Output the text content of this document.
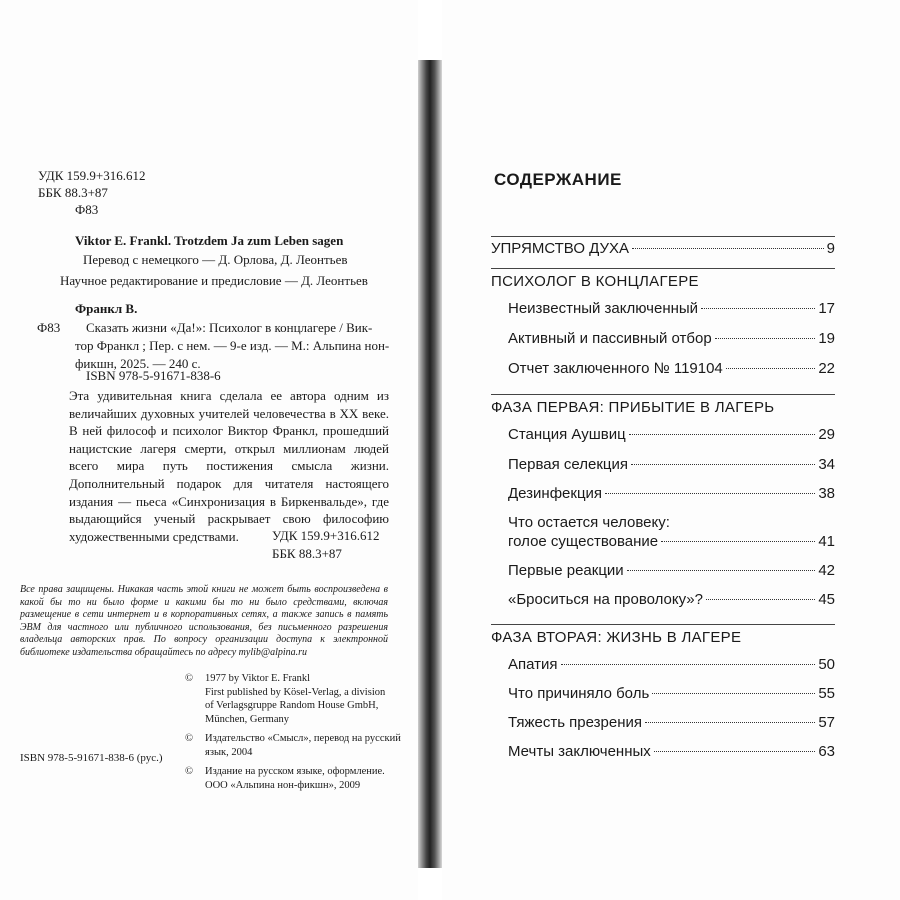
УДК 159.9+316.612
ББК 88.3+87
Ф83
Viktor E. Frankl. Trotzdem Ja zum Leben sagen
Перевод с немецкого — Д. Орлова, Д. Леонтьев
Научное редактирование и предисловие — Д. Леонтьев
Франкл В.
Ф83 Сказать жизни «Да!»: Психолог в концлагере / Вик-
тор Франкл ; Пер. с нем. — 9-е изд. — М.: Альпина нон-
фикшн, 2025. — 240 с.
ISBN 978-5-91671-838-6
Эта удивительная книга сделала ее автора одним из величайших духовных учителей человечества в XX веке. В ней философ и психолог Виктор Франкл, прошедший нацистские лагеря смерти, открыл миллионам людей всего мира путь постижения смысла жизни. Дополнительный подарок для читателя настоящего издания — пьеса «Синхронизация в Биркенвальде», где выдающийся ученый раскрывает свою философию художественными средствами.	УДК 159.9+316.612
ББК 88.3+87
Все права защищены. Никакая часть этой книги не может быть воспроизведена в какой бы то ни было форме и какими бы то ни было средствами, включая размещение в сети интернет и в корпоративных сетях, а также запись в память ЭВМ для частного или публичного использования, без письменного разрешения владельца авторских прав. По вопросу организации доступа к электронной библиотеке издательства обращайтесь по адресу mylib@alpina.ru
© 1977 by Viktor E. Frankl
First published by Kösel-Verlag, a division
of Verlagsgruppe Random House GmbH,
München, Germany
© Издательство «Смысл», перевод на русский
язык, 2004
© Издание на русском языке, оформление.
ООО «Альпина нон-фикшн», 2009
ISBN 978-5-91671-838-6 (рус.)
СОДЕРЖАНИЕ
УПРЯМСТВО ДУХА	9
ПСИХОЛОГ В КОНЦЛАГЕРЕ
Неизвестный заключенный	17
Активный и пассивный отбор	19
Отчет заключенного № 119104	22
ФАЗА ПЕРВАЯ: ПРИБЫТИЕ В ЛАГЕРЬ
Станция Аушвиц	29
Первая селекция	34
Дезинфекция	38
Что остается человеку:
голое существование	41
Первые реакции	42
«Броситься на проволоку»?	45
ФАЗА ВТОРАЯ: ЖИЗНЬ В ЛАГЕРЕ
Апатия	50
Что причиняло боль	55
Тяжесть презрения	57
Мечты заключенных	63
